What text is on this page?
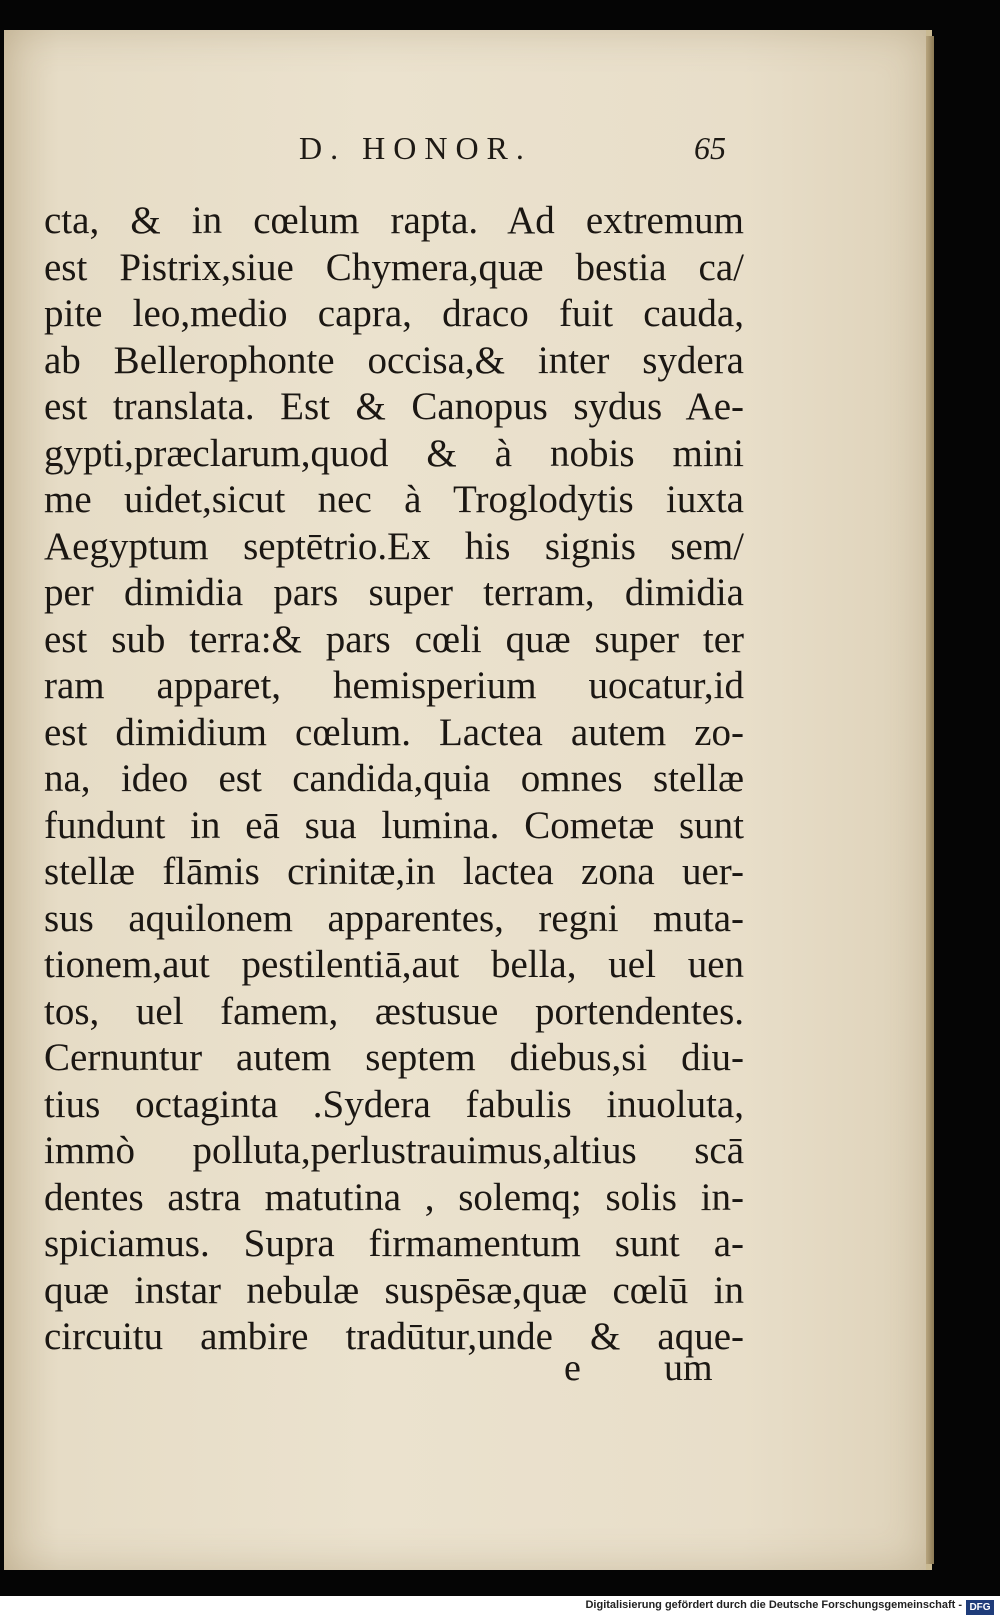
D. HONOR.	65
cta, & in cœlum rapta. Ad extremum
est Pistrix,siue Chymera,quæ bestia ca/
pite leo,medio capra, draco fuit cauda,
ab Bellerophonte occisa,& inter sydera
est translata. Est & Canopus sydus Ae-
gypti,præclarum,quod & à nobis mini
me uidet,sicut nec à Troglodytis iuxta
Aegyptum septētrio.Ex his signis sem/
per dimidia pars super terram, dimidia
est sub terra:& pars cœli quæ super ter
ram apparet, hemisperium uocatur,id
est dimidium cœlum. Lactea autem zo-
na, ideo est candida,quia omnes stellæ
fundunt in eā sua lumina. Cometæ sunt
stellæ flāmis crinitæ,in lactea zona uer-
sus aquilonem apparentes, regni muta-
tionem,aut pestilentiā,aut bella, uel uen
tos, uel famem, æstusue portendentes.
Cernuntur autem septem diebus,si diu-
tius octaginta .Sydera fabulis inuoluta,
immò polluta,perlustrauimus,altius scā
dentes astra matutina , solemq; solis in-
spiciamus. Supra firmamentum sunt a-
quæ instar nebulæ suspēsæ,quæ cœlū in
circuitu ambire tradūtur,unde & aque-
e um
Digitalisierung gefördert durch die Deutsche Forschungsgemeinschaft - DFG
